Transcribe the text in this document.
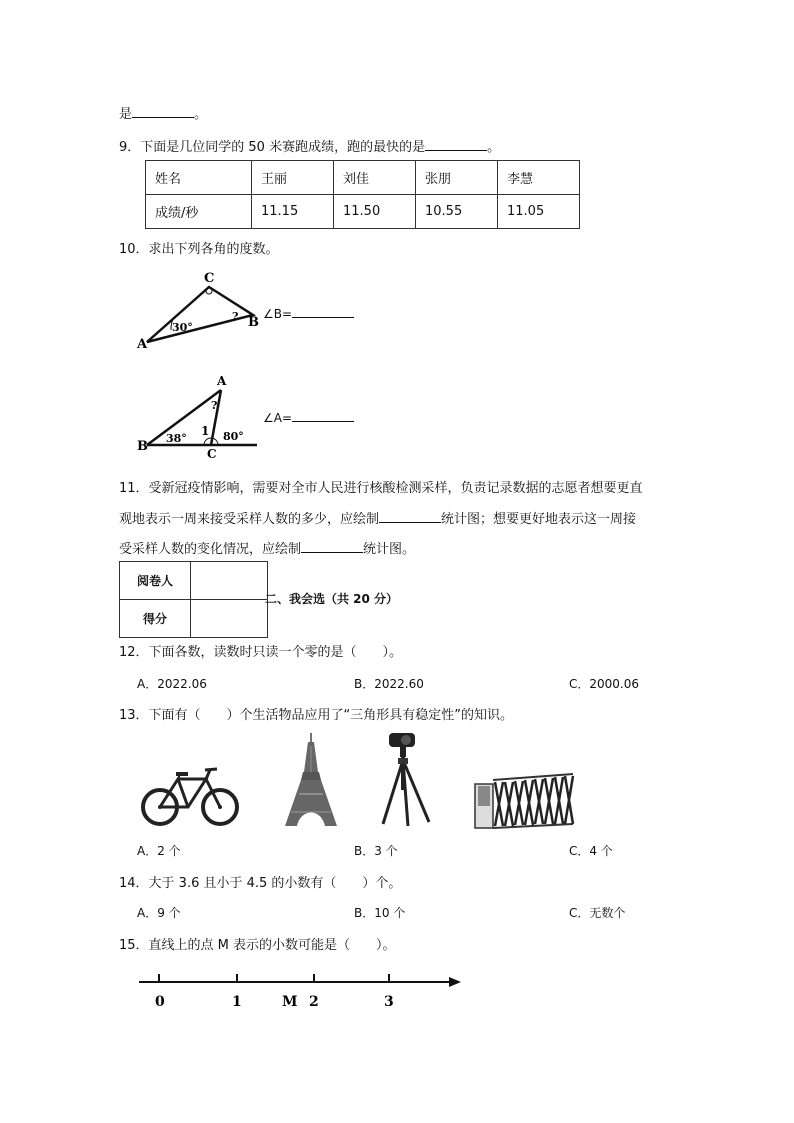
是	。
9．下面是几位同学的 50 米赛跑成绩，跑的最快的是	。
姓名	王丽	刘佳	张朋	李慧
成绩/秒	11.15	11.50	10.55	11.05
10．求出下列各角的度数。
C
A
B
30°
? ∠B=
A
B	C
38°
1 80°
?
∠A=
11．受新冠疫情影响，需要对全市人民进行核酸检测采样，负责记录数据的志愿者想要更直
观地表示一周来接受采样人数的多少，应绘制	统计图；想要更好地表示这一周接
受采样人数的变化情况，应绘制	统计图。
阅卷人	
得分	
二、我会选（共 20 分）
12．下面各数，读数时只读一个零的是（　　）。
A．2022.06	B．2022.60	C．2000.06
13．下面有（　　）个生活物品应用了“三角形具有稳定性”的知识。
A．2 个	B．3 个	C．4 个
14．大于 3.6 且小于 4.5 的小数有（　　）个。
A．9 个	B．10 个	C．无数个
15．直线上的点 M 表示的小数可能是（　　）。
0	1	M 2	3
